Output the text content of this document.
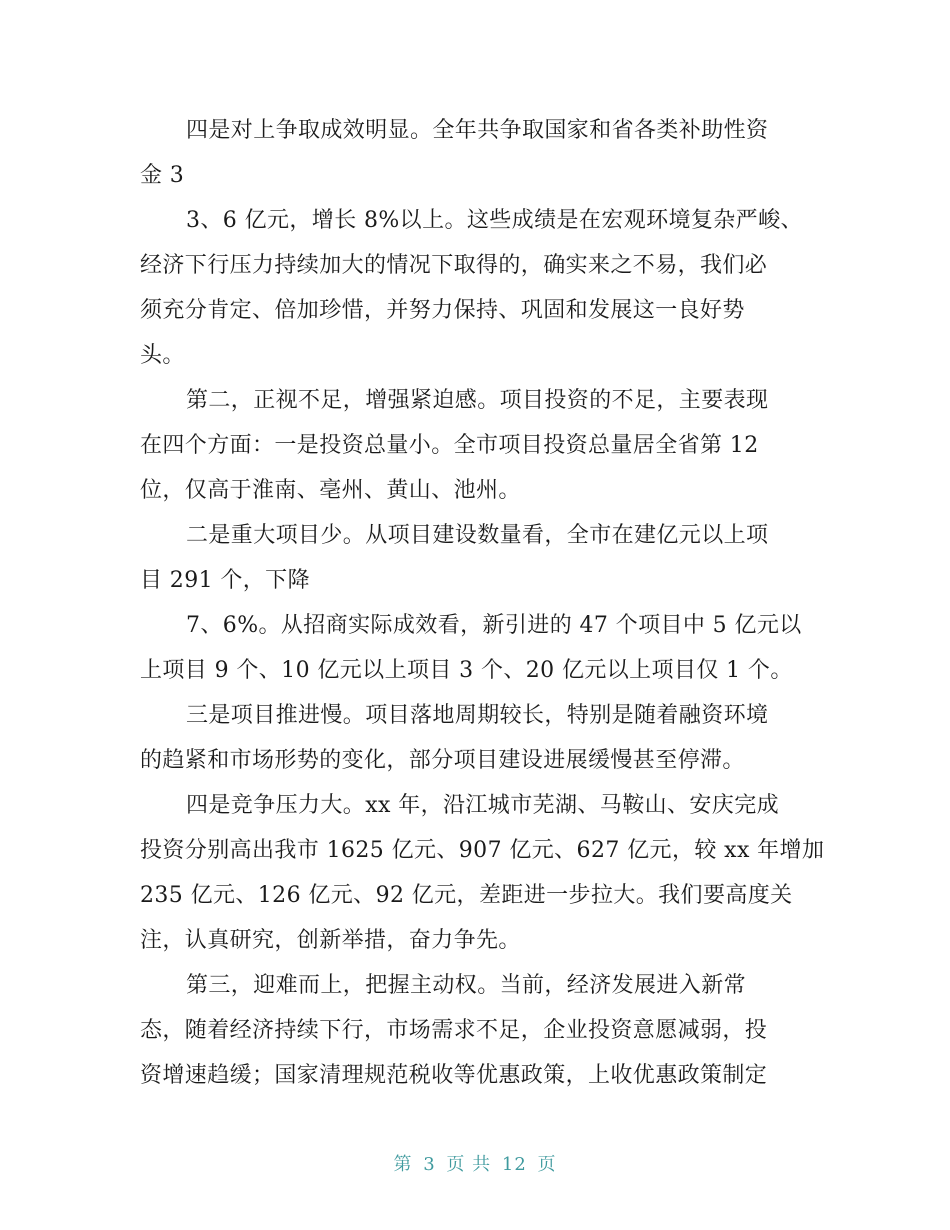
四是对上争取成效明显。全年共争取国家和省各类补助性资
金 3
3、6 亿元，增长 8%以上。这些成绩是在宏观环境复杂严峻、
经济下行压力持续加大的情况下取得的，确实来之不易，我们必
须充分肯定、倍加珍惜，并努力保持、巩固和发展这一良好势
头。
第二，正视不足，增强紧迫感。项目投资的不足，主要表现
在四个方面：一是投资总量小。全市项目投资总量居全省第 12
位，仅高于淮南、亳州、黄山、池州。
二是重大项目少。从项目建设数量看，全市在建亿元以上项
目 291 个，下降
7、6%。从招商实际成效看，新引进的 47 个项目中 5 亿元以
上项目 9 个、10 亿元以上项目 3 个、20 亿元以上项目仅 1 个。
三是项目推进慢。项目落地周期较长，特别是随着融资环境
的趋紧和市场形势的变化，部分项目建设进展缓慢甚至停滞。
四是竞争压力大。xx 年，沿江城市芜湖、马鞍山、安庆完成
投资分别高出我市 1625 亿元、907 亿元、627 亿元，较 xx 年增加
235 亿元、126 亿元、92 亿元，差距进一步拉大。我们要高度关
注，认真研究，创新举措，奋力争先。
第三，迎难而上，把握主动权。当前，经济发展进入新常
态，随着经济持续下行，市场需求不足，企业投资意愿减弱，投
资增速趋缓；国家清理规范税收等优惠政策，上收优惠政策制定
第 3 页 共 12 页
